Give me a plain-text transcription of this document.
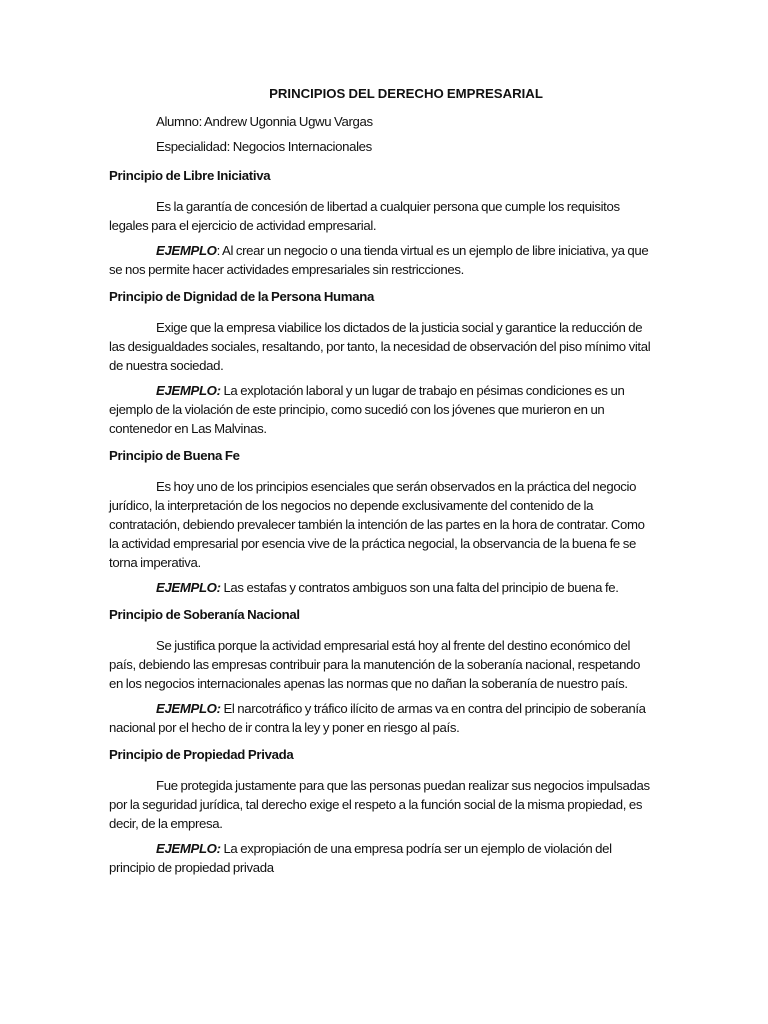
PRINCIPIOS DEL DERECHO EMPRESARIAL
Alumno: Andrew Ugonnia Ugwu Vargas
Especialidad: Negocios Internacionales
Principio de Libre Iniciativa
Es la garantía de concesión de libertad a cualquier persona que cumple los requisitos legales para el ejercicio de actividad empresarial.
EJEMPLO: Al crear un negocio o una tienda virtual es un ejemplo de libre iniciativa, ya que se nos permite hacer actividades empresariales sin restricciones.
Principio de Dignidad de la Persona Humana
Exige que la empresa viabilice los dictados de la justicia social y garantice la reducción de las desigualdades sociales, resaltando, por tanto, la necesidad de observación del piso mínimo vital de nuestra sociedad.
EJEMPLO: La explotación laboral y un lugar de trabajo en pésimas condiciones es un ejemplo de la violación de este principio, como sucedió con los jóvenes que murieron en un contenedor en Las Malvinas.
Principio de Buena Fe
Es hoy uno de los principios esenciales que serán observados en la práctica del negocio jurídico, la interpretación de los negocios no depende exclusivamente del contenido de la contratación, debiendo prevalecer también la intención de las partes en la hora de contratar. Como la actividad empresarial por esencia vive de la práctica negocial, la observancia de la buena fe se torna imperativa.
EJEMPLO: Las estafas y contratos ambiguos son una falta del principio de buena fe.
Principio de Soberanía Nacional
Se justifica porque la actividad empresarial está hoy al frente del destino económico del país, debiendo las empresas contribuir para la manutención de la soberanía nacional, respetando en los negocios internacionales apenas las normas que no dañan la soberanía de nuestro país.
EJEMPLO: El narcotráfico y tráfico ilícito de armas va en contra del principio de soberanía nacional por el hecho de ir contra la ley y poner en riesgo al país.
Principio de Propiedad Privada
Fue protegida justamente para que las personas puedan realizar sus negocios impulsadas por la seguridad jurídica, tal derecho exige el respeto a la función social de la misma propiedad, es decir, de la empresa.
EJEMPLO: La expropiación de una empresa podría ser un ejemplo de violación del principio de propiedad privada
